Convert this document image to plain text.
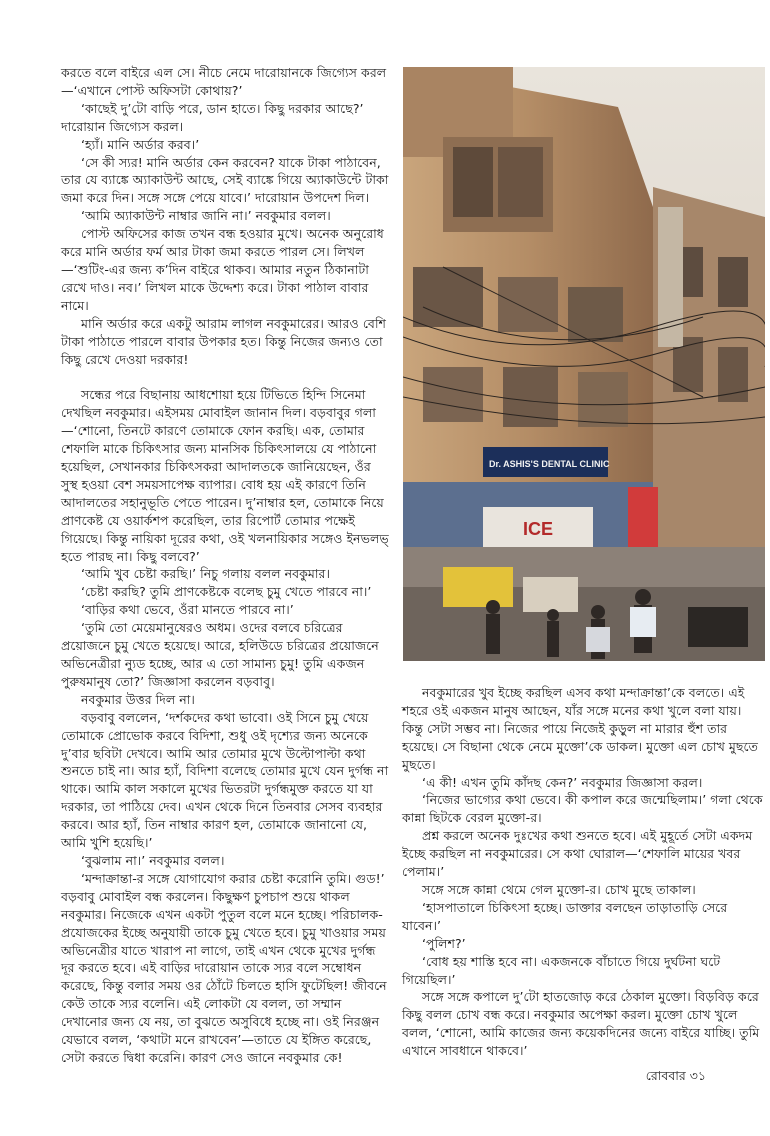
করতে বলে বাইরে এল সে। নীচে নেমে দারোয়ানকে জিগ্যেস করল—‘এখানে পোস্ট অফিসটা কোথায়?’

‘কাছেই দু’টো বাড়ি পরে, ডান হাতে। কিছু দরকার আছে?’ দারোয়ান জিগ্যেস করল।

‘হ্যাঁ। মানি অর্ডার করব।’

‘সে কী স্যর! মানি অর্ডার কেন করবেন? যাকে টাকা পাঠাবেন, তার যে ব্যাঙ্কে অ্যাকাউন্ট আছে, সেই ব্যাঙ্কে গিয়ে অ্যাকাউন্টে টাকা জমা করে দিন। সঙ্গে সঙ্গে পেয়ে যাবে।’ দারোয়ান উপদেশ দিল।

‘আমি অ্যাকাউন্ট নাম্বার জানি না।’ নবকুমার বলল।

পোস্ট অফিসের কাজ তখন বন্ধ হওয়ার মুখে। অনেক অনুরোধ করে মানি অর্ডার ফর্ম আর টাকা জমা করতে পারল সে। লিখল—‘শুটিং-এর জন্য ক’দিন বাইরে থাকব। আমার নতুন ঠিকানাটা রেখে দাও। নব।’ লিখল মাকে উদ্দেশ্য করে। টাকা পাঠাল বাবার নামে।

মানি অর্ডার করে একটু আরাম লাগল নবকুমারের। আরও বেশি টাকা পাঠাতে পারলে বাবার উপকার হত। কিন্তু নিজের জন্যও তো কিছু রেখে দেওয়া দরকার!

সন্ধের পরে বিছানায় আধশোয়া হয়ে টিভিতে হিন্দি সিনেমা দেখছিল নবকুমার। এইসময় মোবাইল জানান দিল। বড়বাবুর গলা—‘শোনো, তিনটে কারণে তোমাকে ফোন করছি। এক, তোমার শেফালি মাকে চিকিৎসার জন্য মানসিক চিকিৎসালয়ে যে পাঠানো হয়েছিল, সেখানকার চিকিৎসকরা আদালতকে জানিয়েছেন, ওঁর সুস্থ হওয়া বেশ সময়সাপেক্ষ ব্যাপার। বোধ হয় এই কারণে তিনি আদালতের সহানুভূতি পেতে পারেন। দু’নাম্বার হল, তোমাকে নিয়ে প্রাণকেষ্ট যে ওয়ার্কশপ করেছিল, তার রিপোর্ট তোমার পক্ষেই গিয়েছে। কিন্তু নায়িকা দূরের কথা, ওই খলনায়িকার সঙ্গেও ইনভলভ্ হতে পারছ না। কিছু বলবে?’

‘আমি খুব চেষ্টা করছি।’ নিচু গলায় বলল নবকুমার।

‘চেষ্টা করছি? তুমি প্রাণকেষ্টকে বলেছ চুমু খেতে পারবে না।’

‘বাড়ির কথা ভেবে, ওঁরা মানতে পারবে না।’

‘তুমি তো মেয়েমানুষেরও অধম। ওদের বলবে চরিত্রের প্রয়োজনে চুমু খেতে হয়েছে। আরে, হলিউডে চরিত্রের প্রয়োজনে অভিনেত্রীরা ন্যুড হচ্ছে, আর এ তো সামান্য চুমু! তুমি একজন পুরুষমানুষ তো?’ জিজ্ঞাসা করলেন বড়বাবু।

নবকুমার উত্তর দিল না।

বড়বাবু বললেন, ‘দর্শকদের কথা ভাবো। ওই সিনে চুমু খেয়ে তোমাকে প্রোভোক করবে বিদিশা, শুধু ওই দৃশ্যের জন্য অনেকে দু’বার ছবিটা দেখবে। আমি আর তোমার মুখে উল্টোপাল্টা কথা শুনতে চাই না। আর হ্যাঁ, বিদিশা বলেছে তোমার মুখে যেন দুর্গন্ধ না থাকে। আমি কাল সকালে মুখের ভিতরটা দুর্গন্ধমুক্ত করতে যা যা দরকার, তা পাঠিয়ে দেব। এখন থেকে দিনে তিনবার সেসব ব্যবহার করবে। আর হ্যাঁ, তিন নাম্বার কারণ হল, তোমাকে জানানো যে, আমি খুশি হয়েছি।’

‘বুঝলাম না।’ নবকুমার বলল।

‘মন্দাক্রান্তা-র সঙ্গে যোগাযোগ করার চেষ্টা করোনি তুমি। গুড!’ বড়বাবু মোবাইল বন্ধ করলেন। কিছুক্ষণ চুপচাপ শুয়ে থাকল নবকুমার। নিজেকে এখন একটা পুতুল বলে মনে হচ্ছে। পরিচালক-প্রযোজকের ইচ্ছে অনুযায়ী তাকে চুমু খেতে হবে। চুমু খাওয়ার সময় অভিনেত্রীর যাতে খারাপ না লাগে, তাই এখন থেকে মুখের দুর্গন্ধ দূর করতে হবে। এই বাড়ির দারোয়ান তাকে স্যর বলে সম্বোধন করেছে, কিন্তু বলার সময় ওর ঠোঁটে চিলতে হাসি ফুটেছিল! জীবনে কেউ তাকে স্যর বলেনি। এই লোকটা যে বলল, তা সম্মান দেখানোর জন্য যে নয়, তা বুঝতে অসুবিধে হচ্ছে না। ওই নিরঞ্জন যেভাবে বলল, ‘কথাটা মনে রাখবেন’—তাতে যে ইঙ্গিত করেছে, সেটা করতে দ্বিধা করেনি। কারণ সেও জানে নবকুমার কে!

Dr. ASHIS'S DENTAL CLINIC
ICE

নবকুমারের খুব ইচ্ছে করছিল এসব কথা মন্দাক্রান্তা’কে বলতে। এই শহরে ওই একজন মানুষ আছেন, যাঁর সঙ্গে মনের কথা খুলে বলা যায়। কিন্তু সেটা সম্ভব না। নিজের পায়ে নিজেই কুড়ুল না মারার হুঁশ তার হয়েছে। সে বিছানা থেকে নেমে মুক্তো’কে ডাকল। মুক্তো এল চোখ মুছতে মুছতে।

‘এ কী! এখন তুমি কাঁদছ কেন?’ নবকুমার জিজ্ঞাসা করল।

‘নিজের ভাগ্যের কথা ভেবে। কী কপাল করে জন্মেছিলাম।’ গলা থেকে কান্না ছিটকে বেরল মুক্তো-র।

প্রশ্ন করলে অনেক দুঃখের কথা শুনতে হবে। এই মুহূর্তে সেটা একদম ইচ্ছে করছিল না নবকুমারের। সে কথা ঘোরাল—‘শেফালি মায়ের খবর পেলাম।’

সঙ্গে সঙ্গে কান্না থেমে গেল মুক্তো-র। চোখ মুছে তাকাল।

‘হাসপাতালে চিকিৎসা হচ্ছে। ডাক্তার বলছেন তাড়াতাড়ি সেরে যাবেন।’

‘পুলিশ?’

‘বোধ হয় শাস্তি হবে না। একজনকে বাঁচাতে গিয়ে দুর্ঘটনা ঘটে গিয়েছিল।’

সঙ্গে সঙ্গে কপালে দু’টো হাতজোড় করে ঠেকাল মুক্তো। বিড়বিড় করে কিছু বলল চোখ বন্ধ করে। নবকুমার অপেক্ষা করল। মুক্তো চোখ খুলে বলল, ‘শোনো, আমি কাজের জন্য কয়েকদিনের জন্যে বাইরে যাচ্ছি। তুমি এখানে সাবধানে থাকবে।’

রোববার ৩১
